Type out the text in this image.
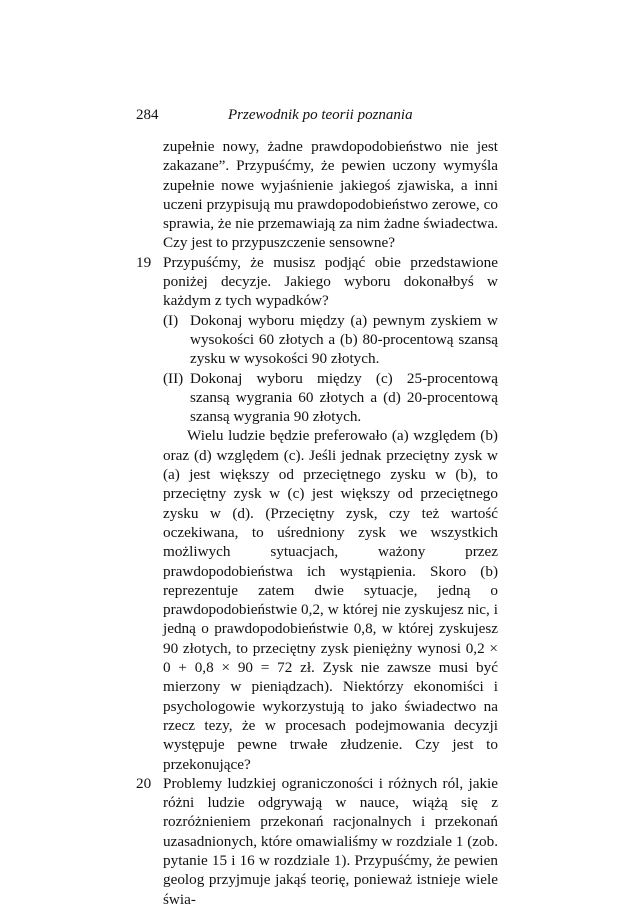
284	Przewodnik po teorii poznania

zupełnie nowy, żadne prawdopodobieństwo nie jest zakazane”. Przypuśćmy, że pewien uczony wymyśla zupełnie nowe wyjaśnienie jakiegoś zjawiska, a inni uczeni przypisują mu prawdopodobieństwo zerowe, co sprawia, że nie przemawiają za nim żadne świadectwa. Czy jest to przypuszczenie sensowne?

19 Przypuśćmy, że musisz podjąć obie przedstawione poniżej decyzje. Jakiego wyboru dokonałbyś w każdym z tych wypadków?

(I) Dokonaj wyboru między (a) pewnym zyskiem w wysokości 60 złotych a (b) 80-procentową szansą zysku w wysokości 90 złotych.

(II) Dokonaj wyboru między (c) 25-procentową szansą wygrania 60 złotych a (d) 20-procentową szansą wygrania 90 złotych.

Wielu ludzie będzie preferowało (a) względem (b) oraz (d) względem (c). Jeśli jednak przeciętny zysk w (a) jest większy od przeciętnego zysku w (b), to przeciętny zysk w (c) jest większy od przeciętnego zysku w (d). (Przeciętny zysk, czy też wartość oczekiwana, to uśredniony zysk we wszystkich możliwych sytuacjach, ważony przez prawdopodobieństwa ich wystąpienia. Skoro (b) reprezentuje zatem dwie sytuacje, jedną o prawdopodobieństwie 0,2, w której nie zyskujesz nic, i jedną o prawdopodobieństwie 0,8, w której zyskujesz 90 złotych, to przeciętny zysk pieniężny wynosi 0,2 × 0 + 0,8 × 90 = 72 zł. Zysk nie zawsze musi być mierzony w pieniądzach). Niektórzy ekonomiści i psychologowie wykorzystują to jako świadectwo na rzecz tezy, że w procesach podejmowania decyzji występuje pewne trwałe złudzenie. Czy jest to przekonujące?

20 Problemy ludzkiej ograniczoności i różnych ról, jakie różni ludzie odgrywają w nauce, wiążą się z rozróżnieniem przekonań racjonalnych i przekonań uzasadnionych, które omawialiśmy w rozdziale 1 (zob. pytanie 15 i 16 w rozdziale 1). Przypuśćmy, że pewien geolog przyjmuje jakąś teorię, ponieważ istnieje wiele świa-
